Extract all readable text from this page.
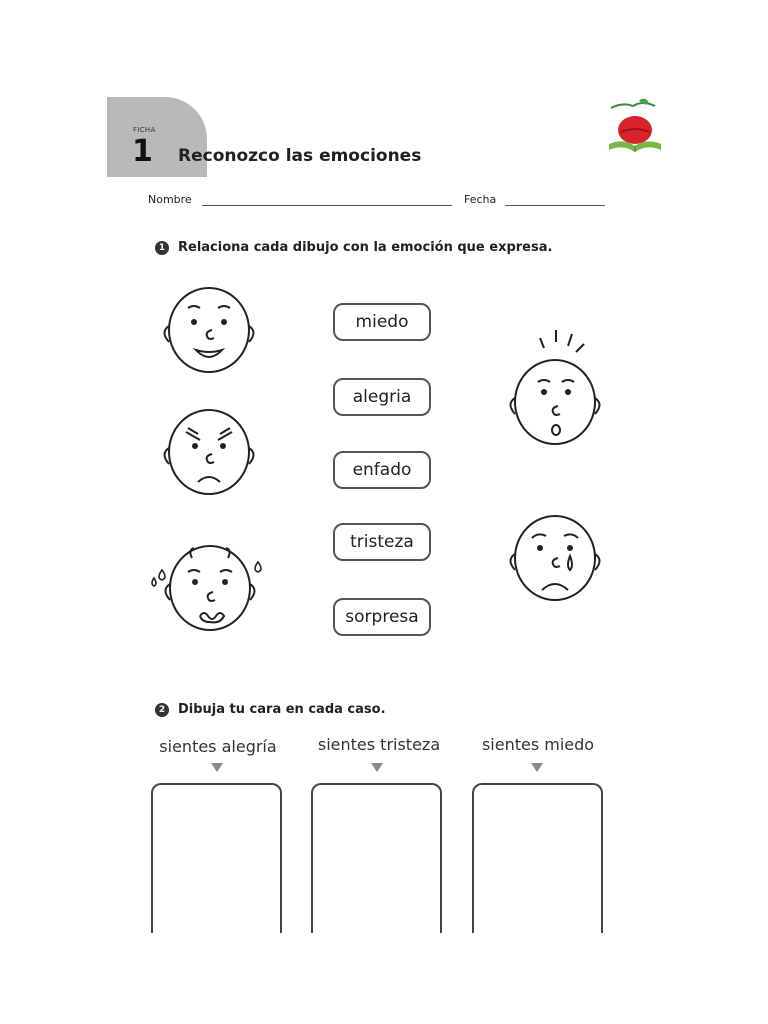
FICHA
1 Reconozco las emociones
Nombre	Fecha
1 Relaciona cada dibujo con la emoción que expresa.
miedo
alegria
enfado
tristeza
sorpresa
2 Dibuja tu cara en cada caso.
sientes alegría	sientes tristeza	sientes miedo
